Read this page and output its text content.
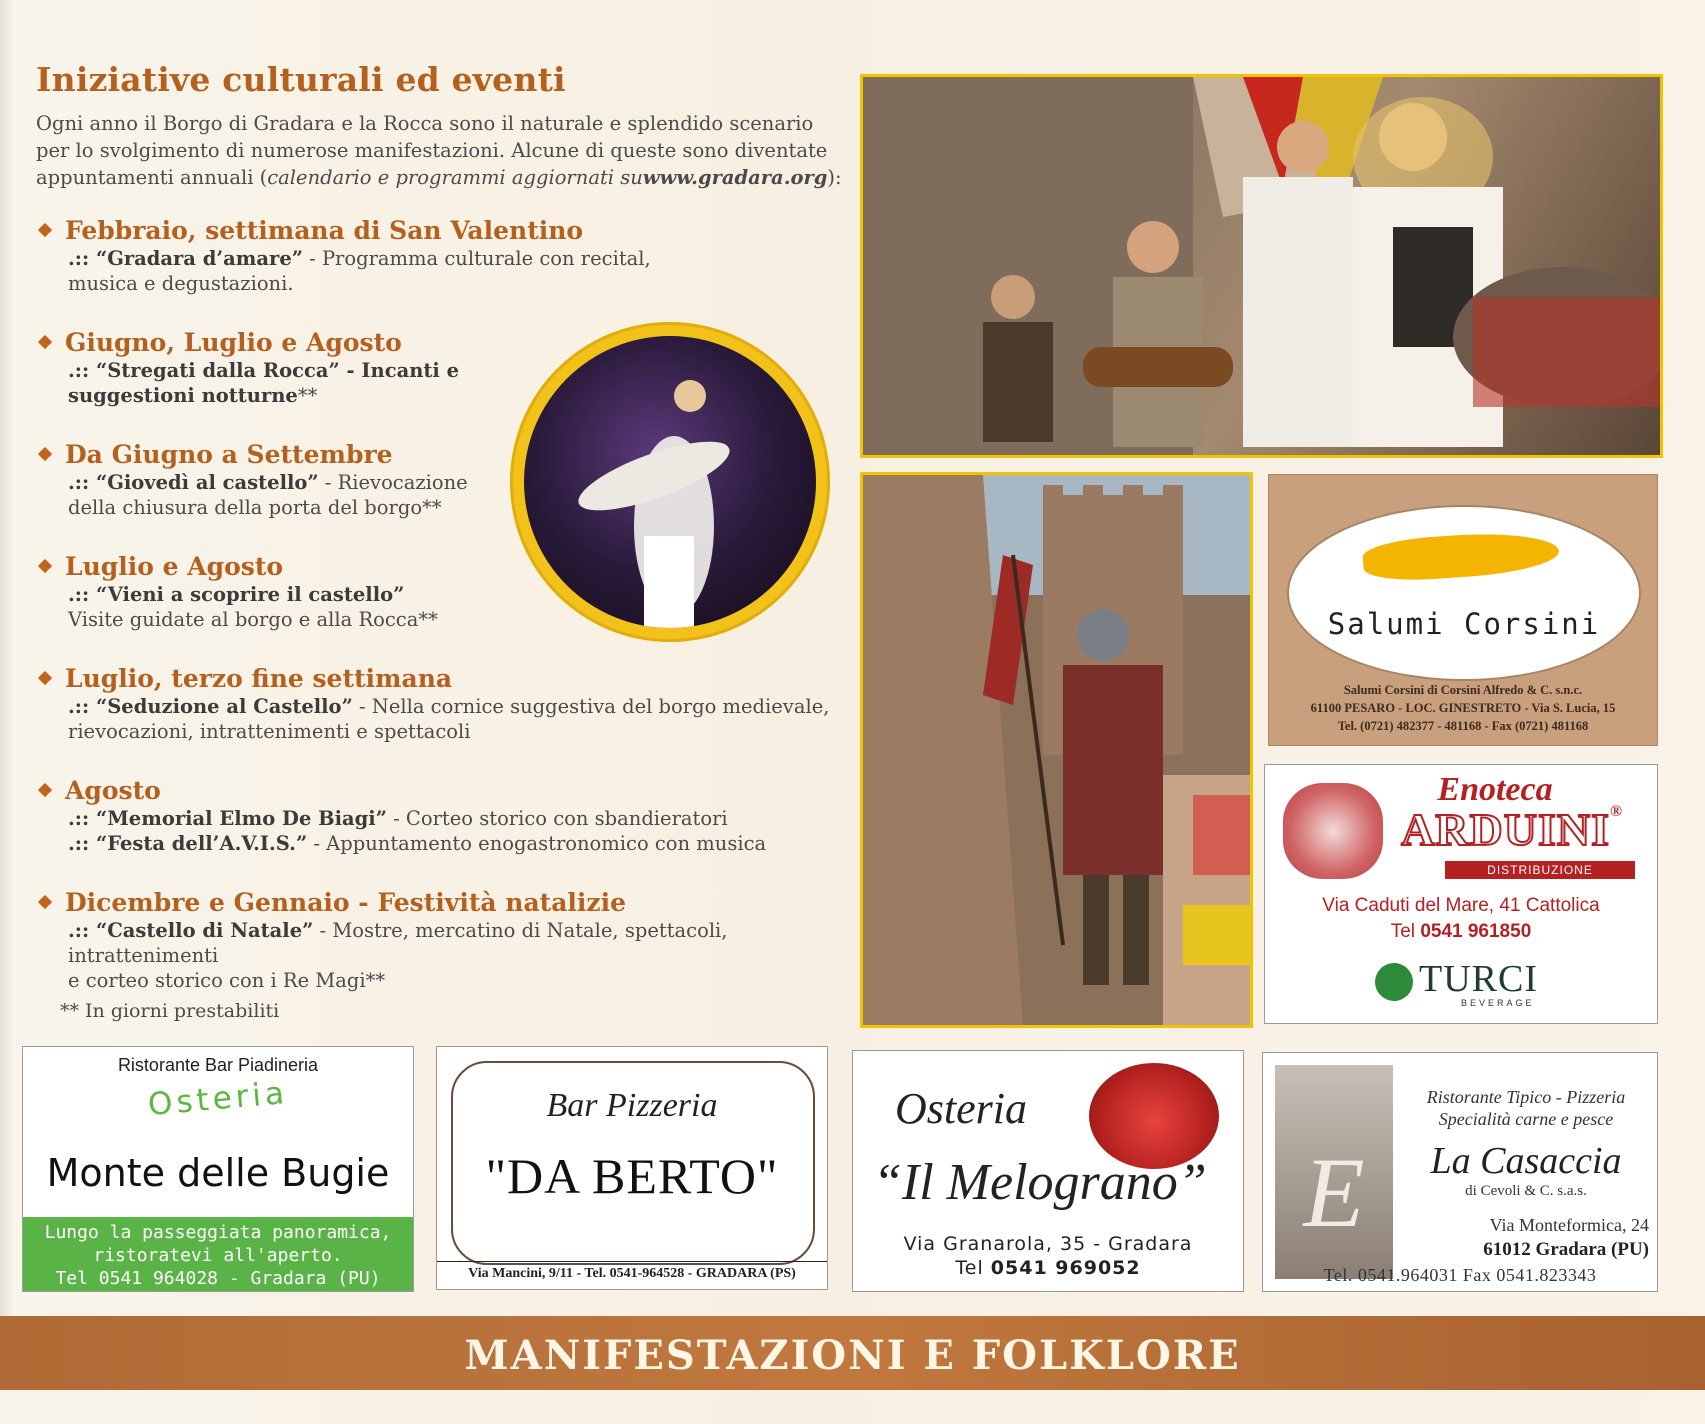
Iniziative culturali ed eventi
Ogni anno il Borgo di Gradara e la Rocca sono il naturale e splendido scenario
per lo svolgimento di numerose manifestazioni. Alcune di queste sono diventate
appuntamenti annuali (calendario e programmi aggiornati suwww.gradara.org):
Febbraio, settimana di San Valentino
.:: “Gradara d’amare” - Programma culturale con recital,
musica e degustazioni.
Giugno, Luglio e Agosto
.:: “Stregati dalla Rocca” - Incanti e
suggestioni notturne**
Da Giugno a Settembre
.:: “Giovedì al castello” - Rievocazione
della chiusura della porta del borgo**
Luglio e Agosto
.:: “Vieni a scoprire il castello”
Visite guidate al borgo e alla Rocca**
Luglio, terzo fine settimana
.:: “Seduzione al Castello” - Nella cornice suggestiva del borgo medievale,
rievocazioni, intrattenimenti e spettacoli
Agosto
.:: “Memorial Elmo De Biagi” - Corteo storico con sbandieratori
.:: “Festa dell’A.V.I.S.” - Appuntamento enogastronomico con musica
Dicembre e Gennaio - Festività natalizie
.:: “Castello di Natale” - Mostre, mercatino di Natale, spettacoli, intrattenimenti
e corteo storico con i Re Magi**
** In giorni prestabiliti
Salumi Corsini
Salumi Corsini di Corsini Alfredo & C. s.n.c.
61100 PESARO - LOC. GINESTRETO - Via S. Lucia, 15
Tel. (0721) 482377 - 481168 - Fax (0721) 481168
Enoteca
ARDUINI®
DISTRIBUZIONE
Via Caduti del Mare, 41 Cattolica
Tel 0541 961850
TURCI
BEVERAGE
Ristorante Bar Piadineria
Osteria
Monte delle Bugie
Lungo la passeggiata panoramica,
ristoratevi all'aperto.
Tel 0541 964028 - Gradara (PU)
Bar Pizzeria
"DA BERTO"
Via Mancini, 9/11 - Tel. 0541-964528 - GRADARA (PS)
Osteria
“Il Melograno”
Via Granarola, 35 - Gradara
Tel 0541 969052
E
Ristorante Tipico - Pizzeria
Specialità carne e pesce
La Casaccia
di Cevoli & C. s.a.s.
Via Monteformica, 24
61012 Gradara (PU)
Tel. 0541.964031 Fax 0541.823343
MANIFESTAZIONI E FOLKLORE
